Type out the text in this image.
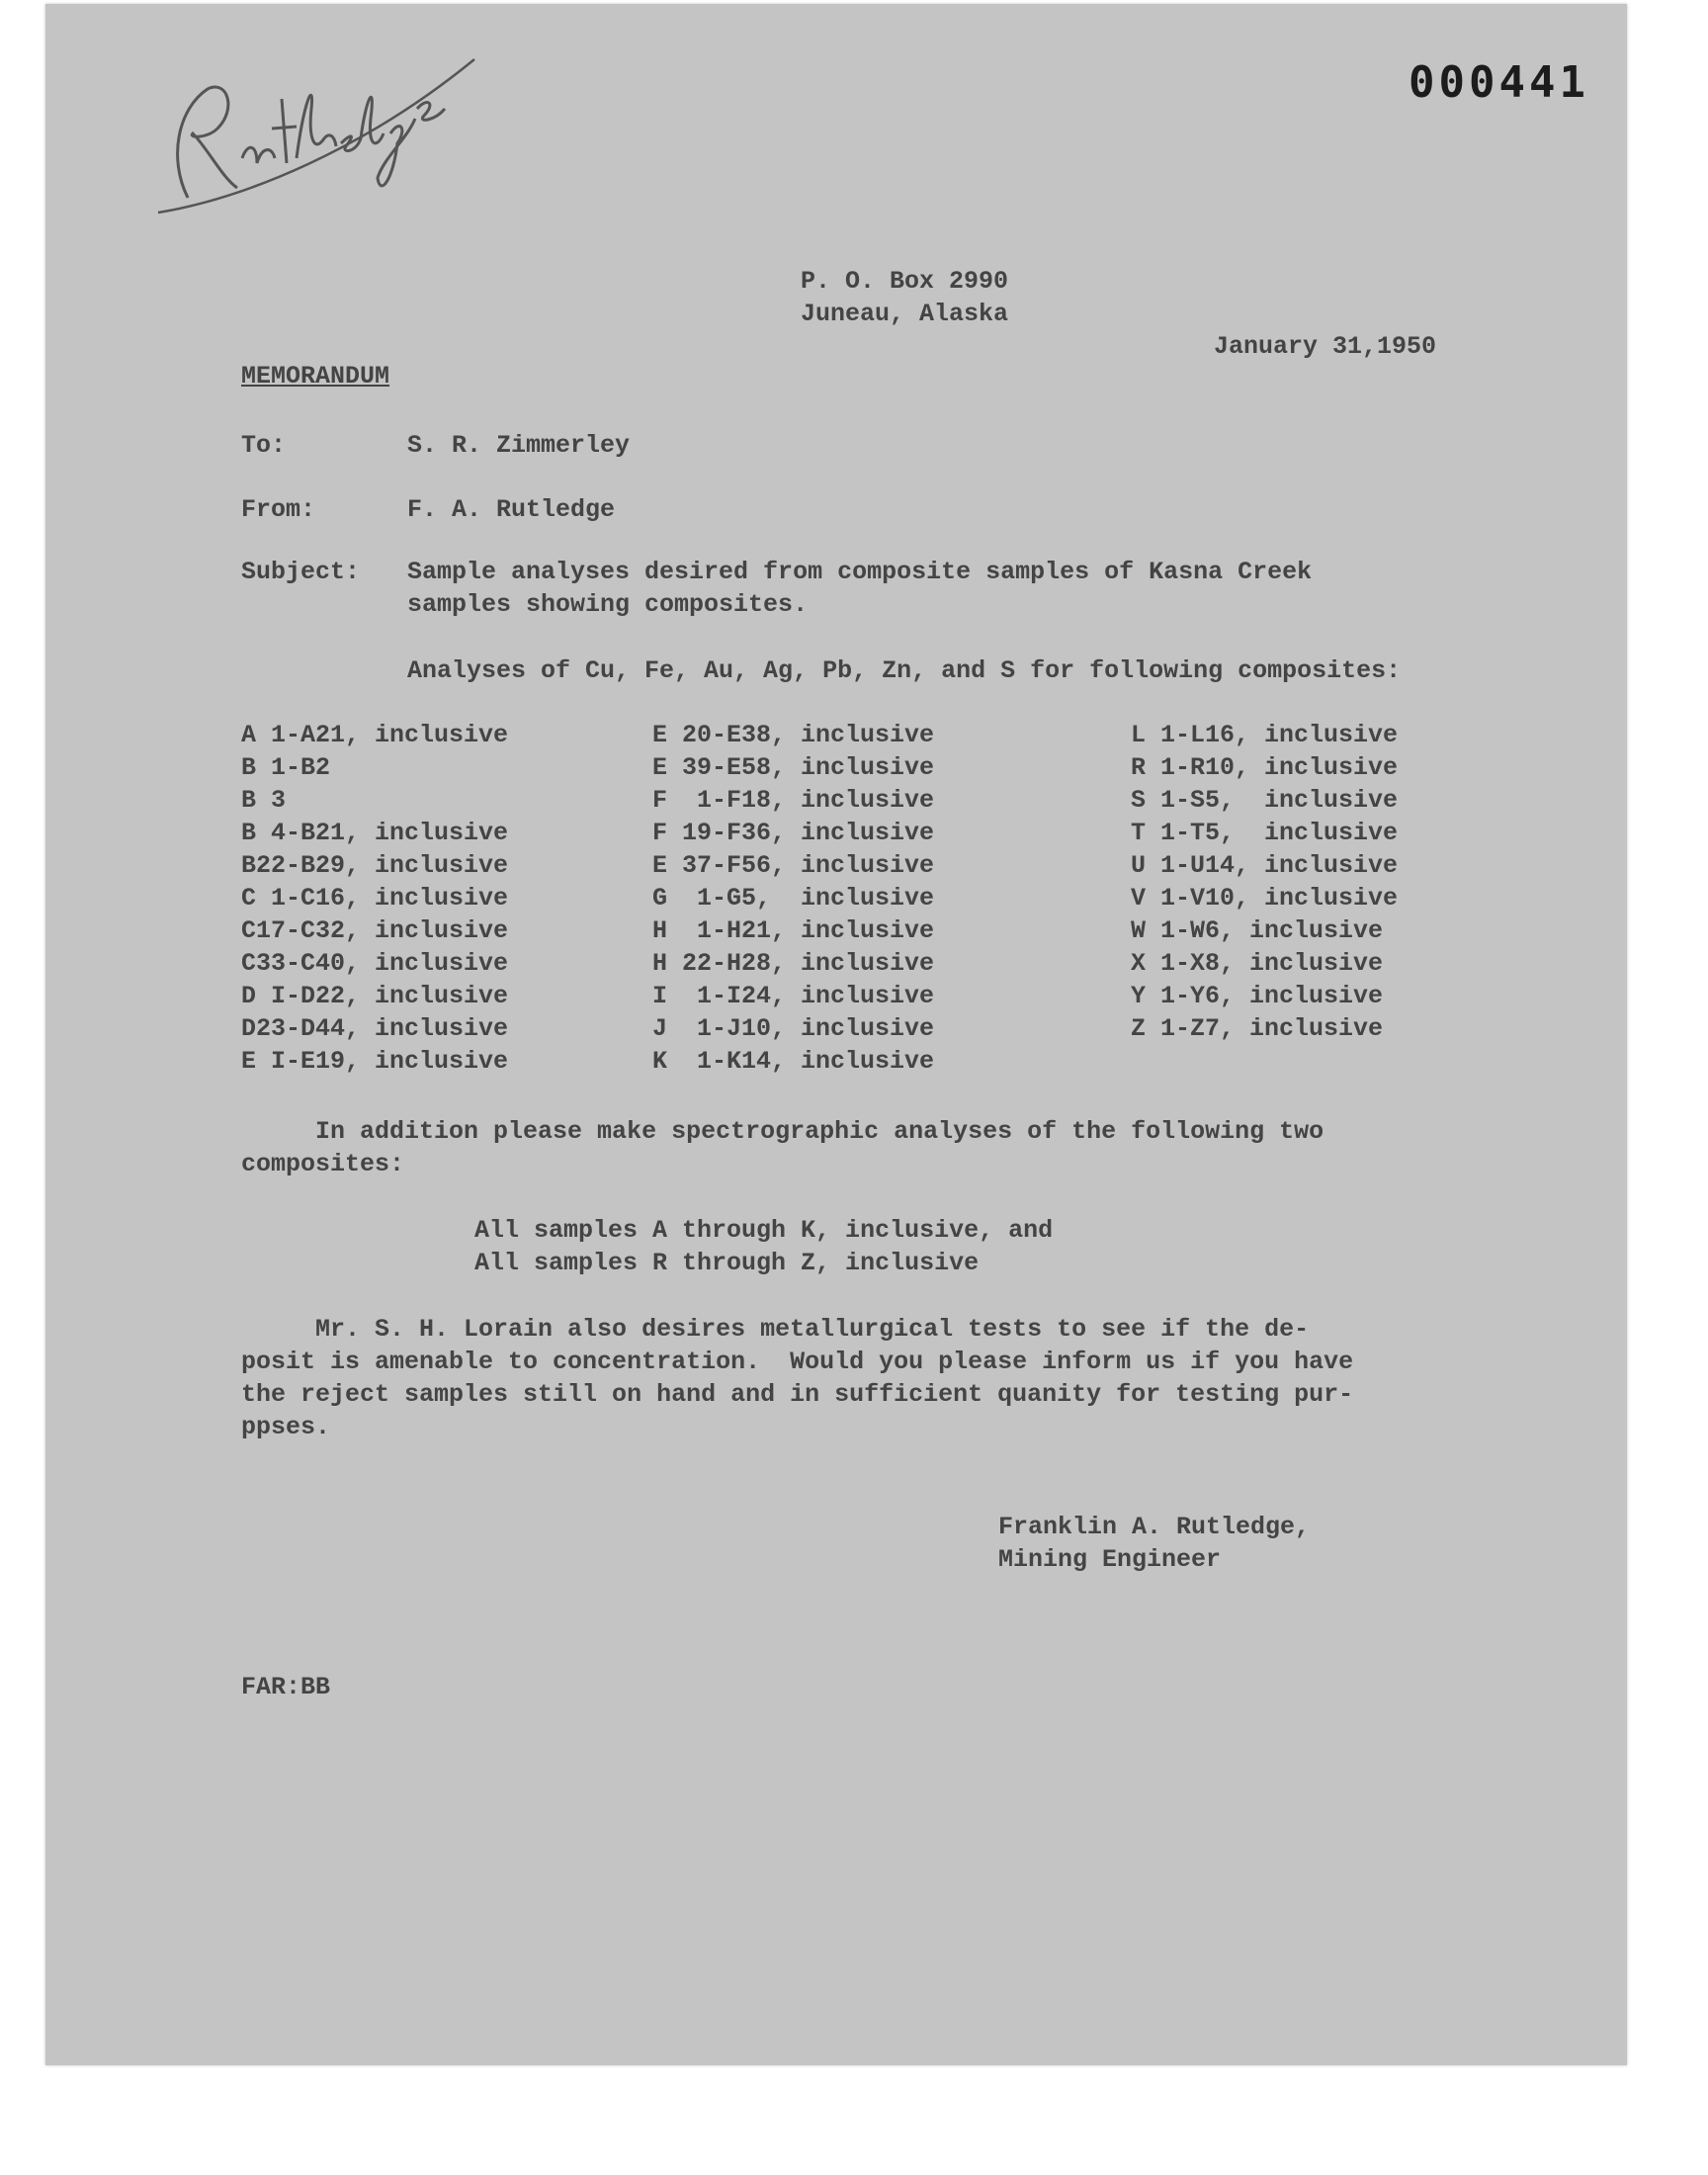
000441
P. O. Box 2990
Juneau, Alaska
January 31,1950
MEMORANDUM
To:	S. R. Zimmerley
From:	F. A. Rutledge
Subject: Sample analyses desired from composite samples of Kasna Creek
samples showing composites.
Analyses of Cu, Fe, Au, Ag, Pb, Zn, and S for following composites:
A 1-A21, inclusive
B 1-B2
B 3
B 4-B21, inclusive
B22-B29, inclusive
C 1-C16, inclusive
C17-C32, inclusive
C33-C40, inclusive
D I-D22, inclusive
D23-D44, inclusive
E I-E19, inclusive
E 20-E38, inclusive
E 39-E58, inclusive
F  1-F18, inclusive
F 19-F36, inclusive
E 37-F56, inclusive
G  1-G5,  inclusive
H  1-H21, inclusive
H 22-H28, inclusive
I  1-I24, inclusive
J  1-J10, inclusive
K  1-K14, inclusive
L 1-L16, inclusive
R 1-R10, inclusive
S 1-S5,  inclusive
T 1-T5,  inclusive
U 1-U14, inclusive
V 1-V10, inclusive
W 1-W6, inclusive
X 1-X8, inclusive
Y 1-Y6, inclusive
Z 1-Z7, inclusive
In addition please make spectrographic analyses of the following two
composites:
All samples A through K, inclusive, and
All samples R through Z, inclusive
Mr. S. H. Lorain also desires metallurgical tests to see if the de-
posit is amenable to concentration.  Would you please inform us if you have
the reject samples still on hand and in sufficient quanity for testing pur-
ppses.
Franklin A. Rutledge,
Mining Engineer
FAR:BB
